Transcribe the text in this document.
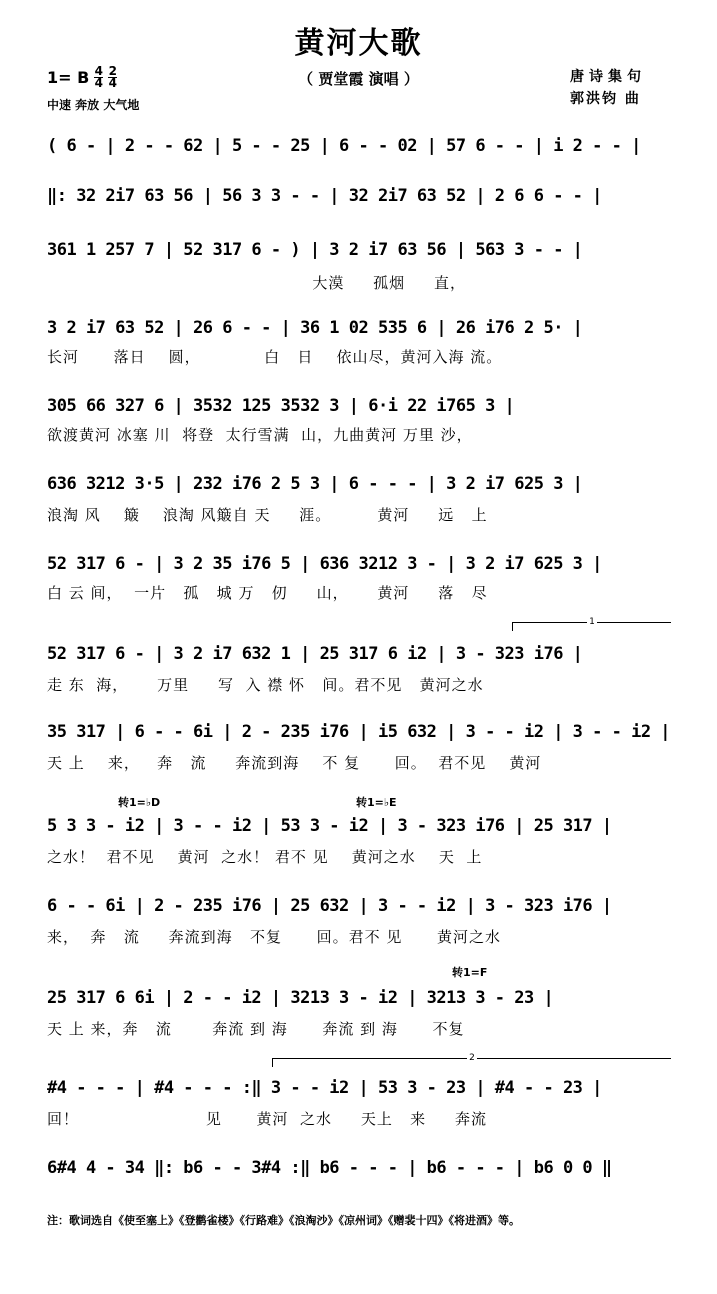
黄河大歌
（ 贾堂霞 演唱 ）
1= B $\frac{4}{4} \frac{2}{4}$
中速 奔放 大气地
唐诗集句
郭洪钧 曲
( 6 - | 2 - - 62 | 5 - - 25 | 6 - - 02 | 57 6 - - | i 2 - - |
‖: 32 2i7 63 56 | 56 3 3 - - | 32 2i7 63 52 | 2 6 6 - - |
361 1 257 7 | 52 317 6 - ) | 3 2 i7 63 56 | 563 3 - - |
大漠     孤烟     直，
3 2 i7 63 52 | 26 6 - - | 36 1 02 535 6 | 26 i76 2 5· |
长河      落日    圆，           白   日    依山尽，黄河入海 流。
305 66 327 6 | 3532 125 3532 3 | 6·i 22 i765 3 |
欲渡黄河 冰塞 川  将登  太行雪满  山，九曲黄河 万里 沙，
636 3212 3·5 | 232 i76 2 5 3 | 6 - - - | 3 2 i7 625 3 |
浪淘 风    簸    浪淘 风簸自 天     涯。        黄河     远   上
52 317 6 - | 3 2 35 i76 5 | 636 3212 3 - | 3 2 i7 625 3 |
白 云 间，  一片   孤   城 万   仞     山，     黄河     落   尽
1
52 317 6 - | 3 2 i7 632 1 | 25 317 6 i2 | 3 - 323 i76 |
走 东  海，     万里     写  入 襟 怀   间。君不见   黄河之水
35 317 | 6 - - 6i | 2 - 235 i76 | i5 632 | 3 - - i2 | 3 - - i2 |
天 上    来，   奔   流     奔流到海    不 复      回。  君不见    黄河
转1=♭D	转1=♭E
5 3 3 - i2 | 3 - - i2 | 53 3 - i2 | 3 - 323 i76 | 25 317 |
之水！  君不见    黄河  之水！ 君不 见    黄河之水    天  上
6 - - 6i | 2 - 235 i76 | 25 632 | 3 - - i2 | 3 - 323 i76 |
来，  奔   流     奔流到海   不复      回。君不 见      黄河之水
转1=F
25 317 6 6i | 2 - - i2 | 3213 3 - i2 | 3213 3 - 23 |
天 上 来，奔   流       奔流 到 海      奔流 到 海      不复
2
#4 - - - | #4 - - - :‖ 3 - - i2 | 53 3 - 23 | #4 - - 23 |
回！                      见      黄河  之水     天上   来     奔流
6#4 4 - 34 ‖: b6 - - 3#4 :‖ b6 - - - | b6 - - - | b6 0 0 ‖
注：歌词选自《使至塞上》《登鹳雀楼》《行路难》《浪淘沙》《凉州词》《赠裴十四》《将进酒》等。
